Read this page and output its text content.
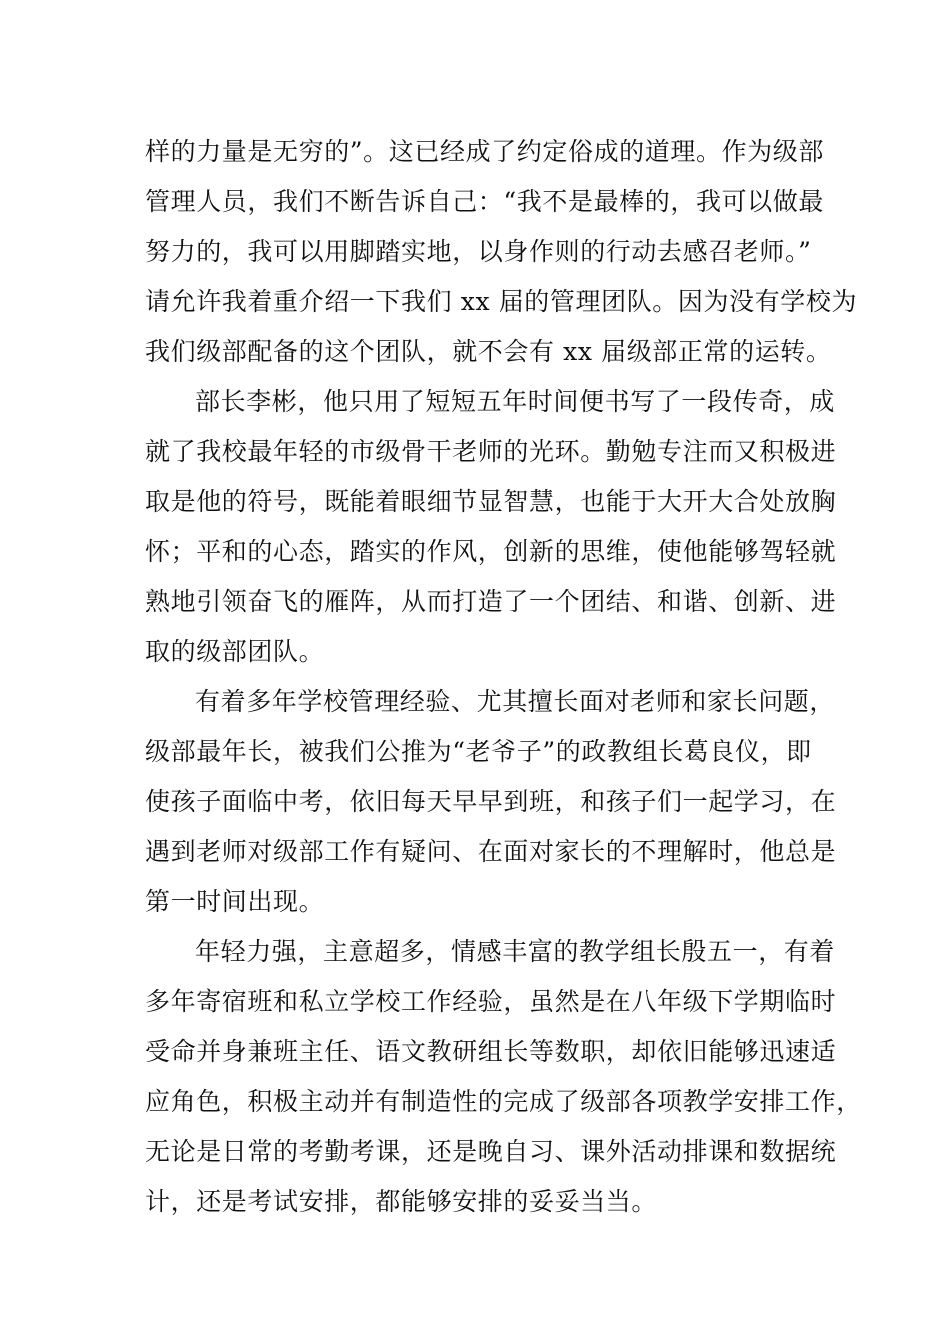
样的力量是无穷的”。这已经成了约定俗成的道理。作为级部
管理人员，我们不断告诉自己：“我不是最棒的，我可以做最
努力的，我可以用脚踏实地，以身作则的行动去感召老师。”
请允许我着重介绍一下我们 xx 届的管理团队。因为没有学校为
我们级部配备的这个团队，就不会有 xx 届级部正常的运转。
部长李彬，他只用了短短五年时间便书写了一段传奇，成
就了我校最年轻的市级骨干老师的光环。勤勉专注而又积极进
取是他的符号，既能着眼细节显智慧，也能于大开大合处放胸
怀；平和的心态，踏实的作风，创新的思维，使他能够驾轻就
熟地引领奋飞的雁阵，从而打造了一个团结、和谐、创新、进
取的级部团队。
有着多年学校管理经验、尤其擅长面对老师和家长问题，
级部最年长，被我们公推为“老爷子”的政教组长葛良仪，即
使孩子面临中考，依旧每天早早到班，和孩子们一起学习，在
遇到老师对级部工作有疑问、在面对家长的不理解时，他总是
第一时间出现。
年轻力强，主意超多，情感丰富的教学组长殷五一，有着
多年寄宿班和私立学校工作经验，虽然是在八年级下学期临时
受命并身兼班主任、语文教研组长等数职，却依旧能够迅速适
应角色，积极主动并有制造性的完成了级部各项教学安排工作，
无论是日常的考勤考课，还是晚自习、课外活动排课和数据统
计，还是考试安排，都能够安排的妥妥当当。
